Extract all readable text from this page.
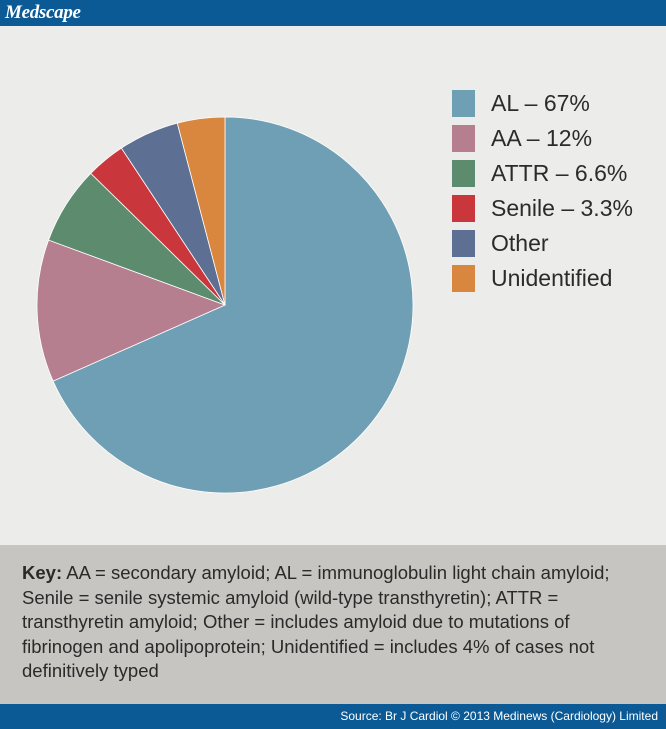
Medscape
AL – 67%
AA – 12%
ATTR – 6.6%
Senile – 3.3%
Other
Unidentified
Key: AA = secondary amyloid; AL = immunoglobulin light chain amyloid; Senile = senile systemic amyloid (wild-type transthyretin); ATTR = transthyretin amyloid; Other = includes amyloid due to mutations of fibrinogen and apolipoprotein; Unidentified = includes 4% of cases not definitively typed
Source: Br J Cardiol © 2013 Medinews (Cardiology) Limited
